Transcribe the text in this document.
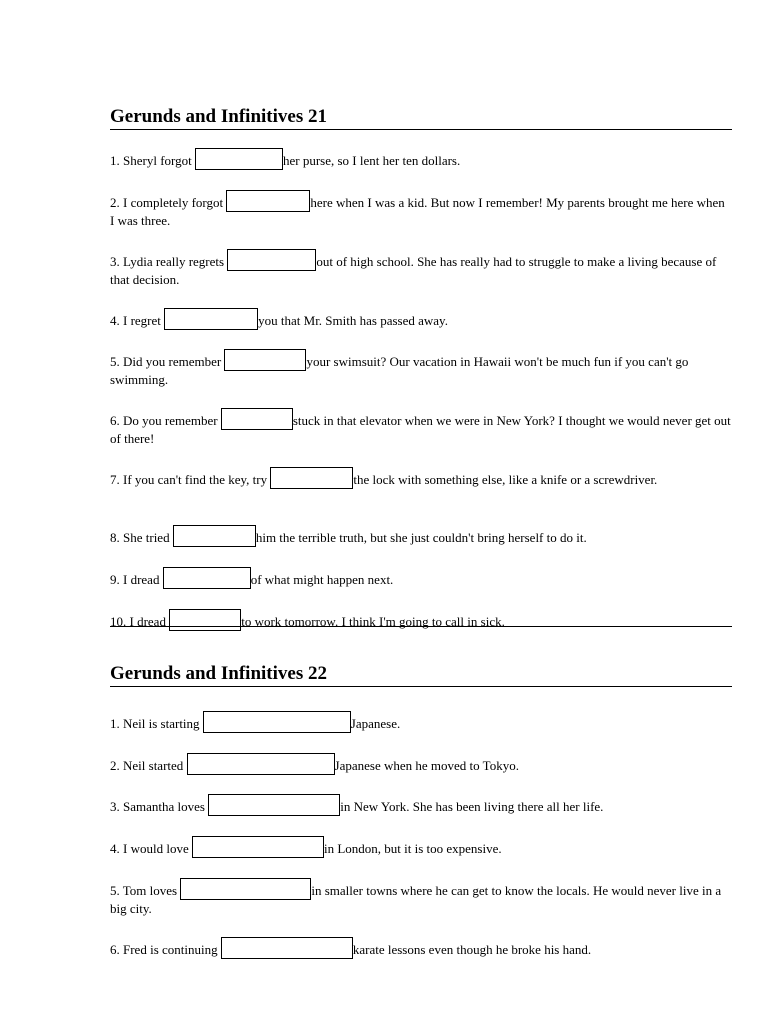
Gerunds and Infinitives 21
1. Sheryl forgot	her purse, so I lent her ten dollars.
2. I completely forgot	here when I was a kid. But now I remember! My parents brought me here when I was three.
3. Lydia really regrets	out of high school. She has really had to struggle to make a living because of that decision.
4. I regret	you that Mr. Smith has passed away.
5. Did you remember	your swimsuit? Our vacation in Hawaii won't be much fun if you can't go swimming.
6. Do you remember	stuck in that elevator when we were in New York? I thought we would never get out of there!
7. If you can't find the key, try	the lock with something else, like a knife or a screwdriver.
8. She tried	him the terrible truth, but she just couldn't bring herself to do it.
9. I dread	of what might happen next.
10. I dread	to work tomorrow. I think I'm going to call in sick.
Gerunds and Infinitives 22
1. Neil is starting	Japanese.
2. Neil started	Japanese when he moved to Tokyo.
3. Samantha loves	in New York. She has been living there all her life.
4. I would love	in London, but it is too expensive.
5. Tom loves	in smaller towns where he can get to know the locals. He would never live in a big city.
6. Fred is continuing	karate lessons even though he broke his hand.
